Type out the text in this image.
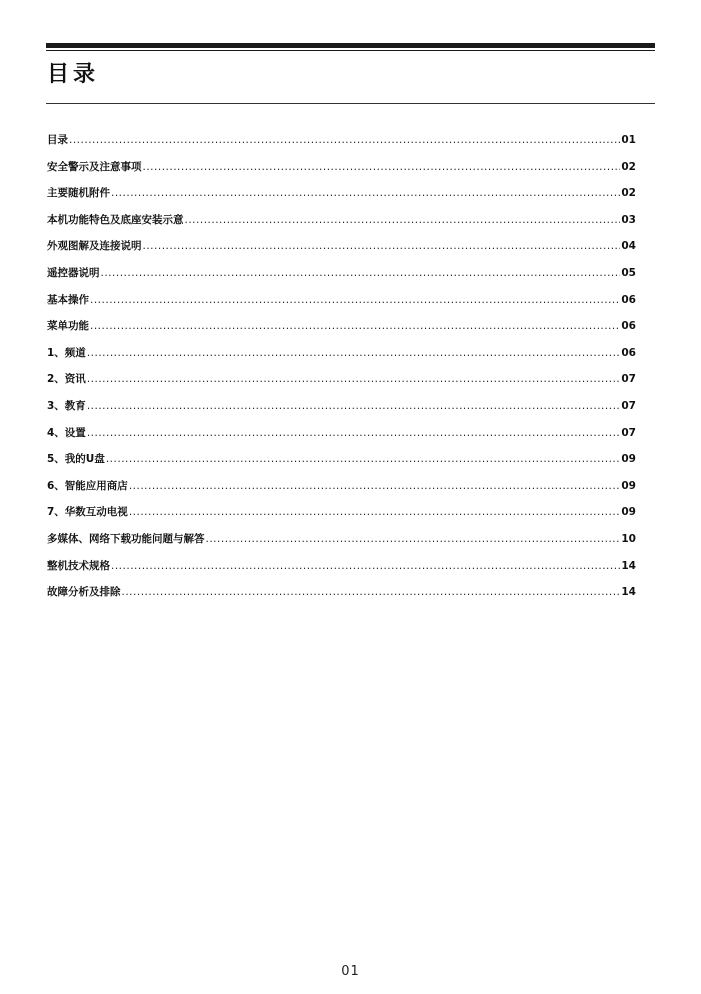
目录
目录 .....	01
安全警示及注意事项 .....	02
主要随机附件 .....	02
本机功能特色及底座安装示意 .....	03
外观图解及连接说明 .....	04
遥控器说明 .....	05
基本操作 .....	06
菜单功能 .....	06
1、频道 .....	06
2、资讯 .....	07
3、教育 .....	07
4、设置 .....	07
5、我的U盘 .....	09
6、智能应用商店 .....	09
7、华数互动电视 .....	09
多媒体、网络下载功能问题与解答 .....	10
整机技术规格 .....	14
故障分析及排除 .....	14
01
